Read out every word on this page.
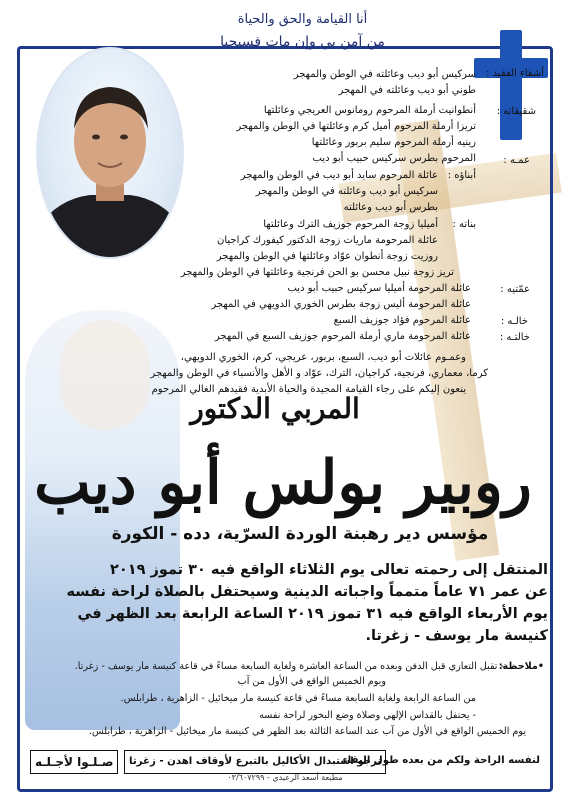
أنا القيامة والحق والحياة
من آمن بي وإن مات فسيحيا
أشقاء الفقيد :
سركيس أبو ديب وعائلته في الوطن والمهجر
طوني أبو ديب وعائلته في المهجر
شقيقاته :
أنطوانيت أرملة المرحوم رومانوس العريجي وعائلتها
تريزا أرملة المرحوم أميل كرم وعائلتها في الوطن والمهجر
رينيه أرملة المرحوم سليم بربور وعائلتها
عمـه :
المرحوم بطرس سركيس حبيب أبو ديب
أبناؤه :
عائلة المرحوم سايد أبو ديب في الوطن والمهجر
سركيس أبو ديب وعائلته في الوطن والمهجر
بطرس أبو ديب وعائلته
بناته :
أميليا زوجة المرحوم جوزيف الترك وعائلتها
عائلة المرحومة ماريات زوجة الدكتور كيفورك كراجيان
روزيت زوجة أنطوان عوّاد وعائلتها في الوطن والمهجر
تريز زوجة نبيل محسن بو الحن فرنجية وعائلتها في الوطن والمهجر
عمّتيه :
عائلة المرحومة أميليا سركيس حبيب أبو ديب
عائلة المرحومة أليس زوجة بطرس الخوري الدويهي في المهجر
خالـه :
عائلة المرحوم فؤاد جوزيف السبع
خالتـه :
عائلة المرحومة ماري أرملة المرحوم جوزيف السبع في المهجر
وعمـوم عائلات أبو ديب، السبع، بربور، عريجي، كرم، الخوري الدويهي،
كرما، معماري، فرنجية، كراجيان، الترك، عوّاد و الأهل والأنسباء في الوطن والمهجر
ينعون إليكم على رجاء القيامة المجيدة والحياة الأبدية فقيدهم الغالي المرحوم
المربي الدكتور
روبير بولس أبو ديب
مؤسس دير رهبنة الوردة السرّية، دده - الكورة
المنتقل إلى رحمته تعالى يوم الثلاثاء الواقع فيه ٣٠ تموز ٢٠١٩
عن عمر ٧١ عاماً متمماً واجباته الدينية وسيحتفل بالصلاة لراحة نفسه
يوم الأربعاء الواقع فيه ٣١ تموز ٢٠١٩ الساعة الرابعة بعد الظهر في
كنيسة مار يوسف - زغرتا.
•ملاحظة:
- تقبل التعازي قبل الدفن وبعده من الساعة العاشرة ولغاية السابعة مساءً في قاعة كنيسة مار يوسف - زغرتا.
ويوم الخميس الواقع في الأول من آب
من الساعة الرابعة ولغاية السابعة مساءً في قاعة كنيسة مار ميخائيل - الزاهرية ، طرابلس.
- يحتفل بالقداس الإلهي وصلاة وضع البخور لراحة نفسه
يوم الخميس الواقع في الأول من آب عند الساعة الثالثة بعد الظهر في كنيسة مار ميخائيل - الزاهرية ، طرابلس.
صـلـوا لأجـلـه	نرجو استبدال الأكاليل بالتبرع لأوقاف اهدن - زغرتا
لنفسه الراحة ولكم من بعده طول البقاء
مطبعة أسعد الرعيدي - ٠٣/٦٠٧٢٩٩
